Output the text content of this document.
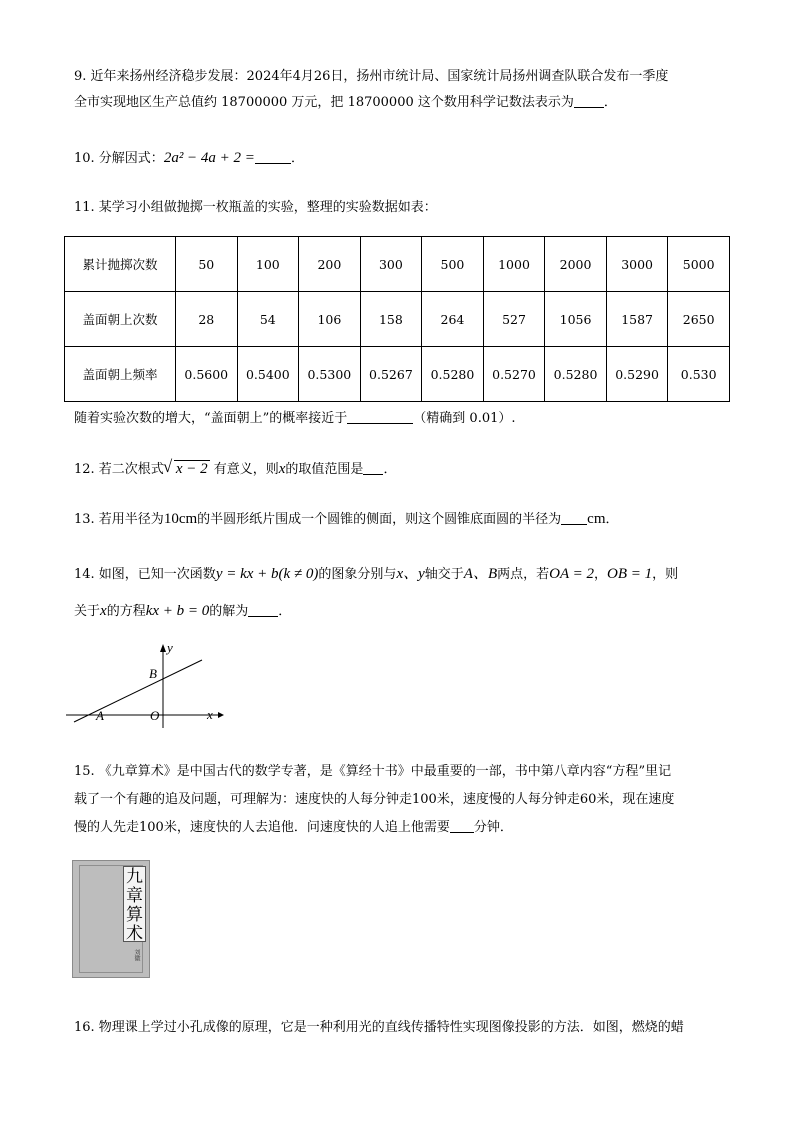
9. 近年来扬州经济稳步发展：2024年4月26日，扬州市统计局、国家统计局扬州调查队联合发布一季度
全市实现地区生产总值约 18700000 万元，把 18700000 这个数用科学记数法表示为 ．
10. 分解因式：2a² − 4a + 2 =	．
11. 某学习小组做抛掷一枚瓶盖的实验，整理的实验数据如表：
累计抛掷次数	50	100	200	300	500	1000	2000	3000	5000
盖面朝上次数	28	54	106	158	264	527	1056	1587	2650
盖面朝上频率	0.5600	0.5400	0.5300	0.5267	0.5280	0.5270	0.5280	0.5290	0.530
随着实验次数的增大，“盖面朝上”的概率接近于	（精确到 0.01）.
12. 若二次根式 √ x − 2 有意义，则x的取值范围是 ．
13. 若用半径为10cm的半圆形纸片围成一个圆锥的侧面，则这个圆锥底面圆的半径为 cm．
14. 如图，已知一次函数y = kx + b(k ≠ 0)的图象分别与x、y轴交于A、B两点，若OA = 2，OB = 1，则
关于x的方程kx + b = 0的解为 ．
y
x
B
A	O
15. 《九章算术》是中国古代的数学专著，是《算经十书》中最重要的一部，书中第八章内容“方程”里记
载了一个有趣的追及问题，可理解为：速度快的人每分钟走100米，速度慢的人每分钟走60米，现在速度
慢的人先走100米，速度快的人去追他．问速度快的人追上他需要 分钟．
九
章
算
术
刘徽
16. 物理课上学过小孔成像的原理，它是一种利用光的直线传播特性实现图像投影的方法．如图，燃烧的蜡
